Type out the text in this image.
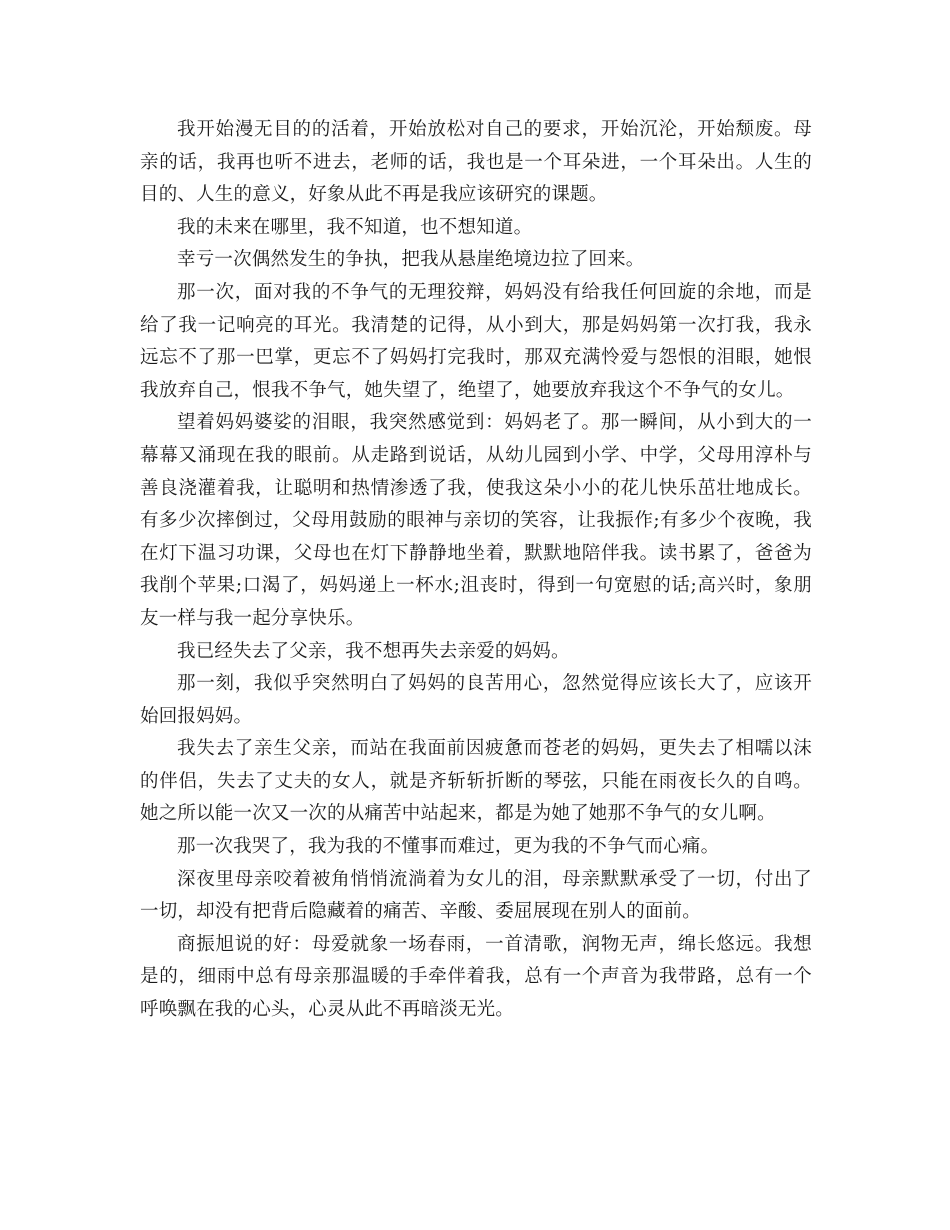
我开始漫无目的的活着，开始放松对自己的要求，开始沉沦，开始颓废。母亲的话，我再也听不进去，老师的话，我也是一个耳朵进，一个耳朵出。人生的目的、人生的意义，好象从此不再是我应该研究的课题。

我的未来在哪里，我不知道，也不想知道。

幸亏一次偶然发生的争执，把我从悬崖绝境边拉了回来。

那一次，面对我的不争气的无理狡辩，妈妈没有给我任何回旋的余地，而是给了我一记响亮的耳光。我清楚的记得，从小到大，那是妈妈第一次打我，我永远忘不了那一巴掌，更忘不了妈妈打完我时，那双充满怜爱与怨恨的泪眼，她恨我放弃自己，恨我不争气，她失望了，绝望了，她要放弃我这个不争气的女儿。

望着妈妈婆娑的泪眼，我突然感觉到：妈妈老了。那一瞬间，从小到大的一幕幕又涌现在我的眼前。从走路到说话，从幼儿园到小学、中学，父母用淳朴与善良浇灌着我，让聪明和热情渗透了我，使我这朵小小的花儿快乐茁壮地成长。有多少次摔倒过，父母用鼓励的眼神与亲切的笑容，让我振作;有多少个夜晚，我在灯下温习功课，父母也在灯下静静地坐着，默默地陪伴我。读书累了，爸爸为我削个苹果;口渴了，妈妈递上一杯水;沮丧时，得到一句宽慰的话;高兴时，象朋友一样与我一起分享快乐。

我已经失去了父亲，我不想再失去亲爱的妈妈。

那一刻，我似乎突然明白了妈妈的良苦用心，忽然觉得应该长大了，应该开始回报妈妈。

我失去了亲生父亲，而站在我面前因疲惫而苍老的妈妈，更失去了相嚅以沫的伴侣，失去了丈夫的女人，就是齐斩斩折断的琴弦，只能在雨夜长久的自鸣。她之所以能一次又一次的从痛苦中站起来，都是为她了她那不争气的女儿啊。

那一次我哭了，我为我的不懂事而难过，更为我的不争气而心痛。

深夜里母亲咬着被角悄悄流淌着为女儿的泪，母亲默默承受了一切，付出了一切，却没有把背后隐藏着的痛苦、辛酸、委屈展现在别人的面前。

商振旭说的好：母爱就象一场春雨，一首清歌，润物无声，绵长悠远。我想是的，细雨中总有母亲那温暖的手牵伴着我，总有一个声音为我带路，总有一个呼唤飘在我的心头，心灵从此不再暗淡无光。
